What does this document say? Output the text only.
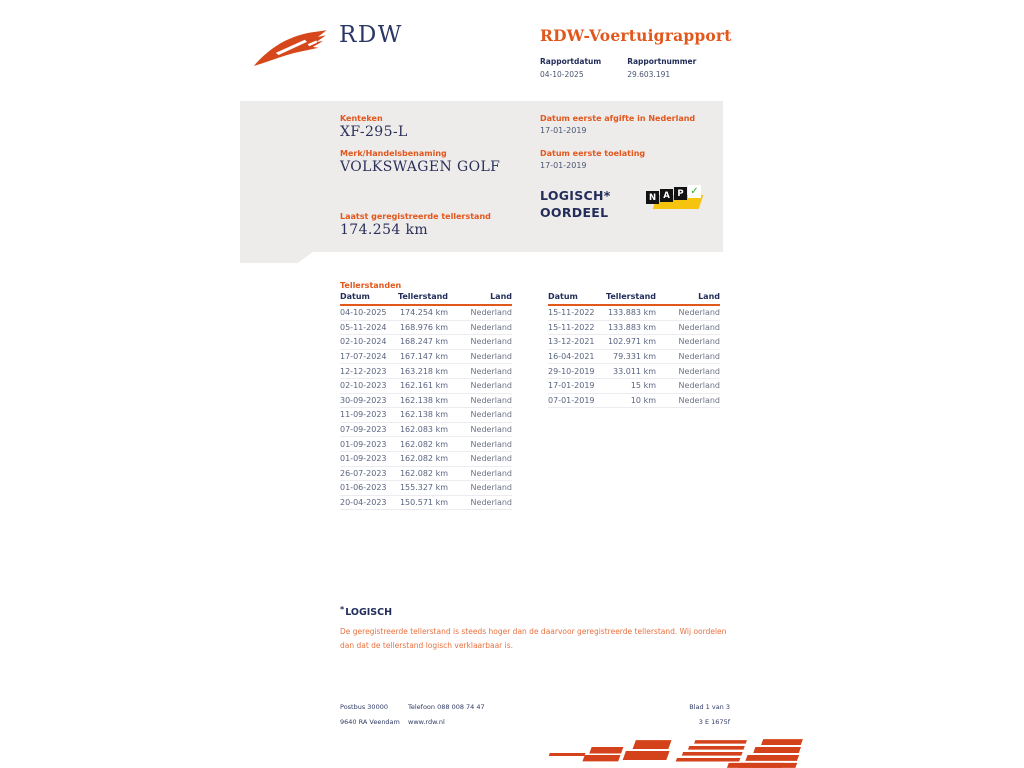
RDW	RDW-Voertuigrapport
Rapportdatum
04-10-2025
Rapportnummer
29.603.191
Kenteken
XF-295-L
Merk/Handelsbenaming
VOLKSWAGEN GOLF
Laatst geregistreerde tellerstand
174.254 km
Datum eerste afgifte in Nederland
17-01-2019
Datum eerste toelating
17-01-2019
LOGISCH*
OORDEEL
N A P ✓
Tellerstanden
Datum	Tellerstand	Land
04-10-2025	174.254 km	Nederland
05-11-2024	168.976 km	Nederland
02-10-2024	168.247 km	Nederland
17-07-2024	167.147 km	Nederland
12-12-2023	163.218 km	Nederland
02-10-2023	162.161 km	Nederland
30-09-2023	162.138 km	Nederland
11-09-2023	162.138 km	Nederland
07-09-2023	162.083 km	Nederland
01-09-2023	162.082 km	Nederland
01-09-2023	162.082 km	Nederland
26-07-2023	162.082 km	Nederland
01-06-2023	155.327 km	Nederland
20-04-2023	150.571 km	Nederland
Datum	Tellerstand	Land
15-11-2022	133.883 km	Nederland
15-11-2022	133.883 km	Nederland
13-12-2021	102.971 km	Nederland
16-04-2021	79.331 km	Nederland
29-10-2019	33.011 km	Nederland
17-01-2019	15 km	Nederland
07-01-2019	10 km	Nederland
*LOGISCH
De geregistreerde tellerstand is steeds hoger dan de daarvoor geregistreerde tellerstand. Wij oordelen dan dat de tellerstand logisch verklaarbaar is.
Postbus 30000	Telefoon 088 008 74 47	Blad 1 van 3
9640 RA Veendam	www.rdw.nl	3 E 1675f
